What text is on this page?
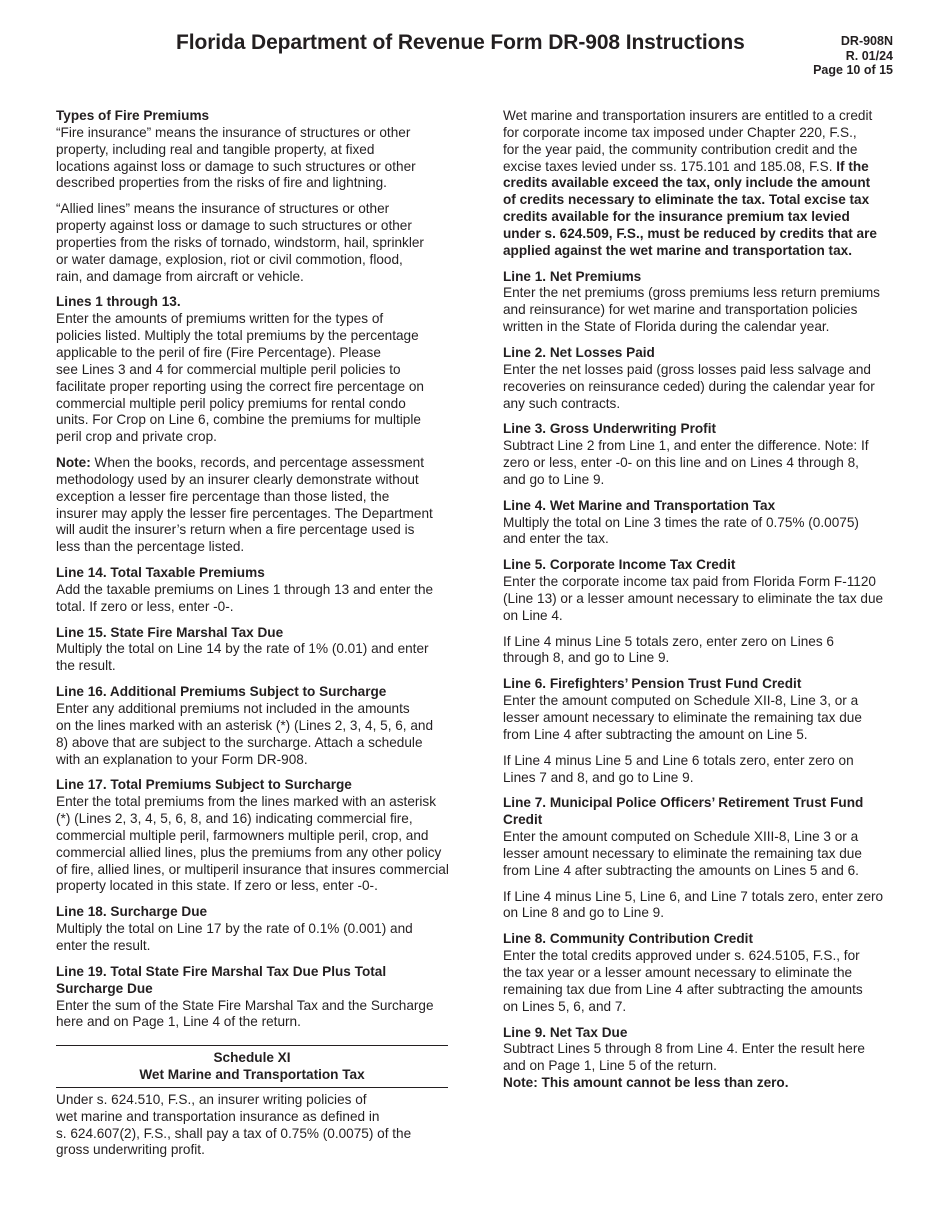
Florida Department of Revenue Form DR-908 Instructions	DR-908N
R. 01/24
Page 10 of 15
Types of Fire Premiums
“Fire insurance” means the insurance of structures or other
property, including real and tangible property, at fixed
locations against loss or damage to such structures or other
described properties from the risks of fire and lightning.
“Allied lines” means the insurance of structures or other
property against loss or damage to such structures or other
properties from the risks of tornado, windstorm, hail, sprinkler
or water damage, explosion, riot or civil commotion, flood,
rain, and damage from aircraft or vehicle.
Lines 1 through 13.
Enter the amounts of premiums written for the types of
policies listed. Multiply the total premiums by the percentage
applicable to the peril of fire (Fire Percentage). Please
see Lines 3 and 4 for commercial multiple peril policies to
facilitate proper reporting using the correct fire percentage on
commercial multiple peril policy premiums for rental condo
units. For Crop on Line 6, combine the premiums for multiple
peril crop and private crop.
Note: When the books, records, and percentage assessment
methodology used by an insurer clearly demonstrate without
exception a lesser fire percentage than those listed, the
insurer may apply the lesser fire percentages. The Department
will audit the insurer’s return when a fire percentage used is
less than the percentage listed.
Line 14. Total Taxable Premiums
Add the taxable premiums on Lines 1 through 13 and enter the
total. If zero or less, enter -0-.
Line 15. State Fire Marshal Tax Due
Multiply the total on Line 14 by the rate of 1% (0.01) and enter
the result.
Line 16. Additional Premiums Subject to Surcharge
Enter any additional premiums not included in the amounts
on the lines marked with an asterisk (*) (Lines 2, 3, 4, 5, 6, and
8) above that are subject to the surcharge. Attach a schedule
with an explanation to your Form DR-908.
Line 17. Total Premiums Subject to Surcharge
Enter the total premiums from the lines marked with an asterisk
(*) (Lines 2, 3, 4, 5, 6, 8, and 16) indicating commercial fire,
commercial multiple peril, farmowners multiple peril, crop, and
commercial allied lines, plus the premiums from any other policy
of fire, allied lines, or multiperil insurance that insures commercial
property located in this state. If zero or less, enter -0-.
Line 18. Surcharge Due
Multiply the total on Line 17 by the rate of 0.1% (0.001) and
enter the result.
Line 19. Total State Fire Marshal Tax Due Plus Total
Surcharge Due
Enter the sum of the State Fire Marshal Tax and the Surcharge
here and on Page 1, Line 4 of the return.
Schedule XI
Wet Marine and Transportation Tax
Under s. 624.510, F.S., an insurer writing policies of
wet marine and transportation insurance as defined in
s. 624.607(2), F.S., shall pay a tax of 0.75% (0.0075) of the
gross underwriting profit.
Wet marine and transportation insurers are entitled to a credit
for corporate income tax imposed under Chapter 220, F.S.,
for the year paid, the community contribution credit and the
excise taxes levied under ss. 175.101 and 185.08, F.S. If the
credits available exceed the tax, only include the amount
of credits necessary to eliminate the tax. Total excise tax
credits available for the insurance premium tax levied
under s. 624.509, F.S., must be reduced by credits that are
applied against the wet marine and transportation tax.
Line 1. Net Premiums
Enter the net premiums (gross premiums less return premiums
and reinsurance) for wet marine and transportation policies
written in the State of Florida during the calendar year.
Line 2. Net Losses Paid
Enter the net losses paid (gross losses paid less salvage and
recoveries on reinsurance ceded) during the calendar year for
any such contracts.
Line 3. Gross Underwriting Profit
Subtract Line 2 from Line 1, and enter the difference. Note: If
zero or less, enter -0- on this line and on Lines 4 through 8,
and go to Line 9.
Line 4. Wet Marine and Transportation Tax
Multiply the total on Line 3 times the rate of 0.75% (0.0075)
and enter the tax.
Line 5. Corporate Income Tax Credit
Enter the corporate income tax paid from Florida Form F-1120
(Line 13) or a lesser amount necessary to eliminate the tax due
on Line 4.
If Line 4 minus Line 5 totals zero, enter zero on Lines 6
through 8, and go to Line 9.
Line 6. Firefighters’ Pension Trust Fund Credit
Enter the amount computed on Schedule XII-8, Line 3, or a
lesser amount necessary to eliminate the remaining tax due
from Line 4 after subtracting the amount on Line 5.
If Line 4 minus Line 5 and Line 6 totals zero, enter zero on
Lines 7 and 8, and go to Line 9.
Line 7. Municipal Police Officers’ Retirement Trust Fund
Credit
Enter the amount computed on Schedule XIII-8, Line 3 or a
lesser amount necessary to eliminate the remaining tax due
from Line 4 after subtracting the amounts on Lines 5 and 6.
If Line 4 minus Line 5, Line 6, and Line 7 totals zero, enter zero
on Line 8 and go to Line 9.
Line 8. Community Contribution Credit
Enter the total credits approved under s. 624.5105, F.S., for
the tax year or a lesser amount necessary to eliminate the
remaining tax due from Line 4 after subtracting the amounts
on Lines 5, 6, and 7.
Line 9. Net Tax Due
Subtract Lines 5 through 8 from Line 4. Enter the result here
and on Page 1, Line 5 of the return.
Note: This amount cannot be less than zero.
